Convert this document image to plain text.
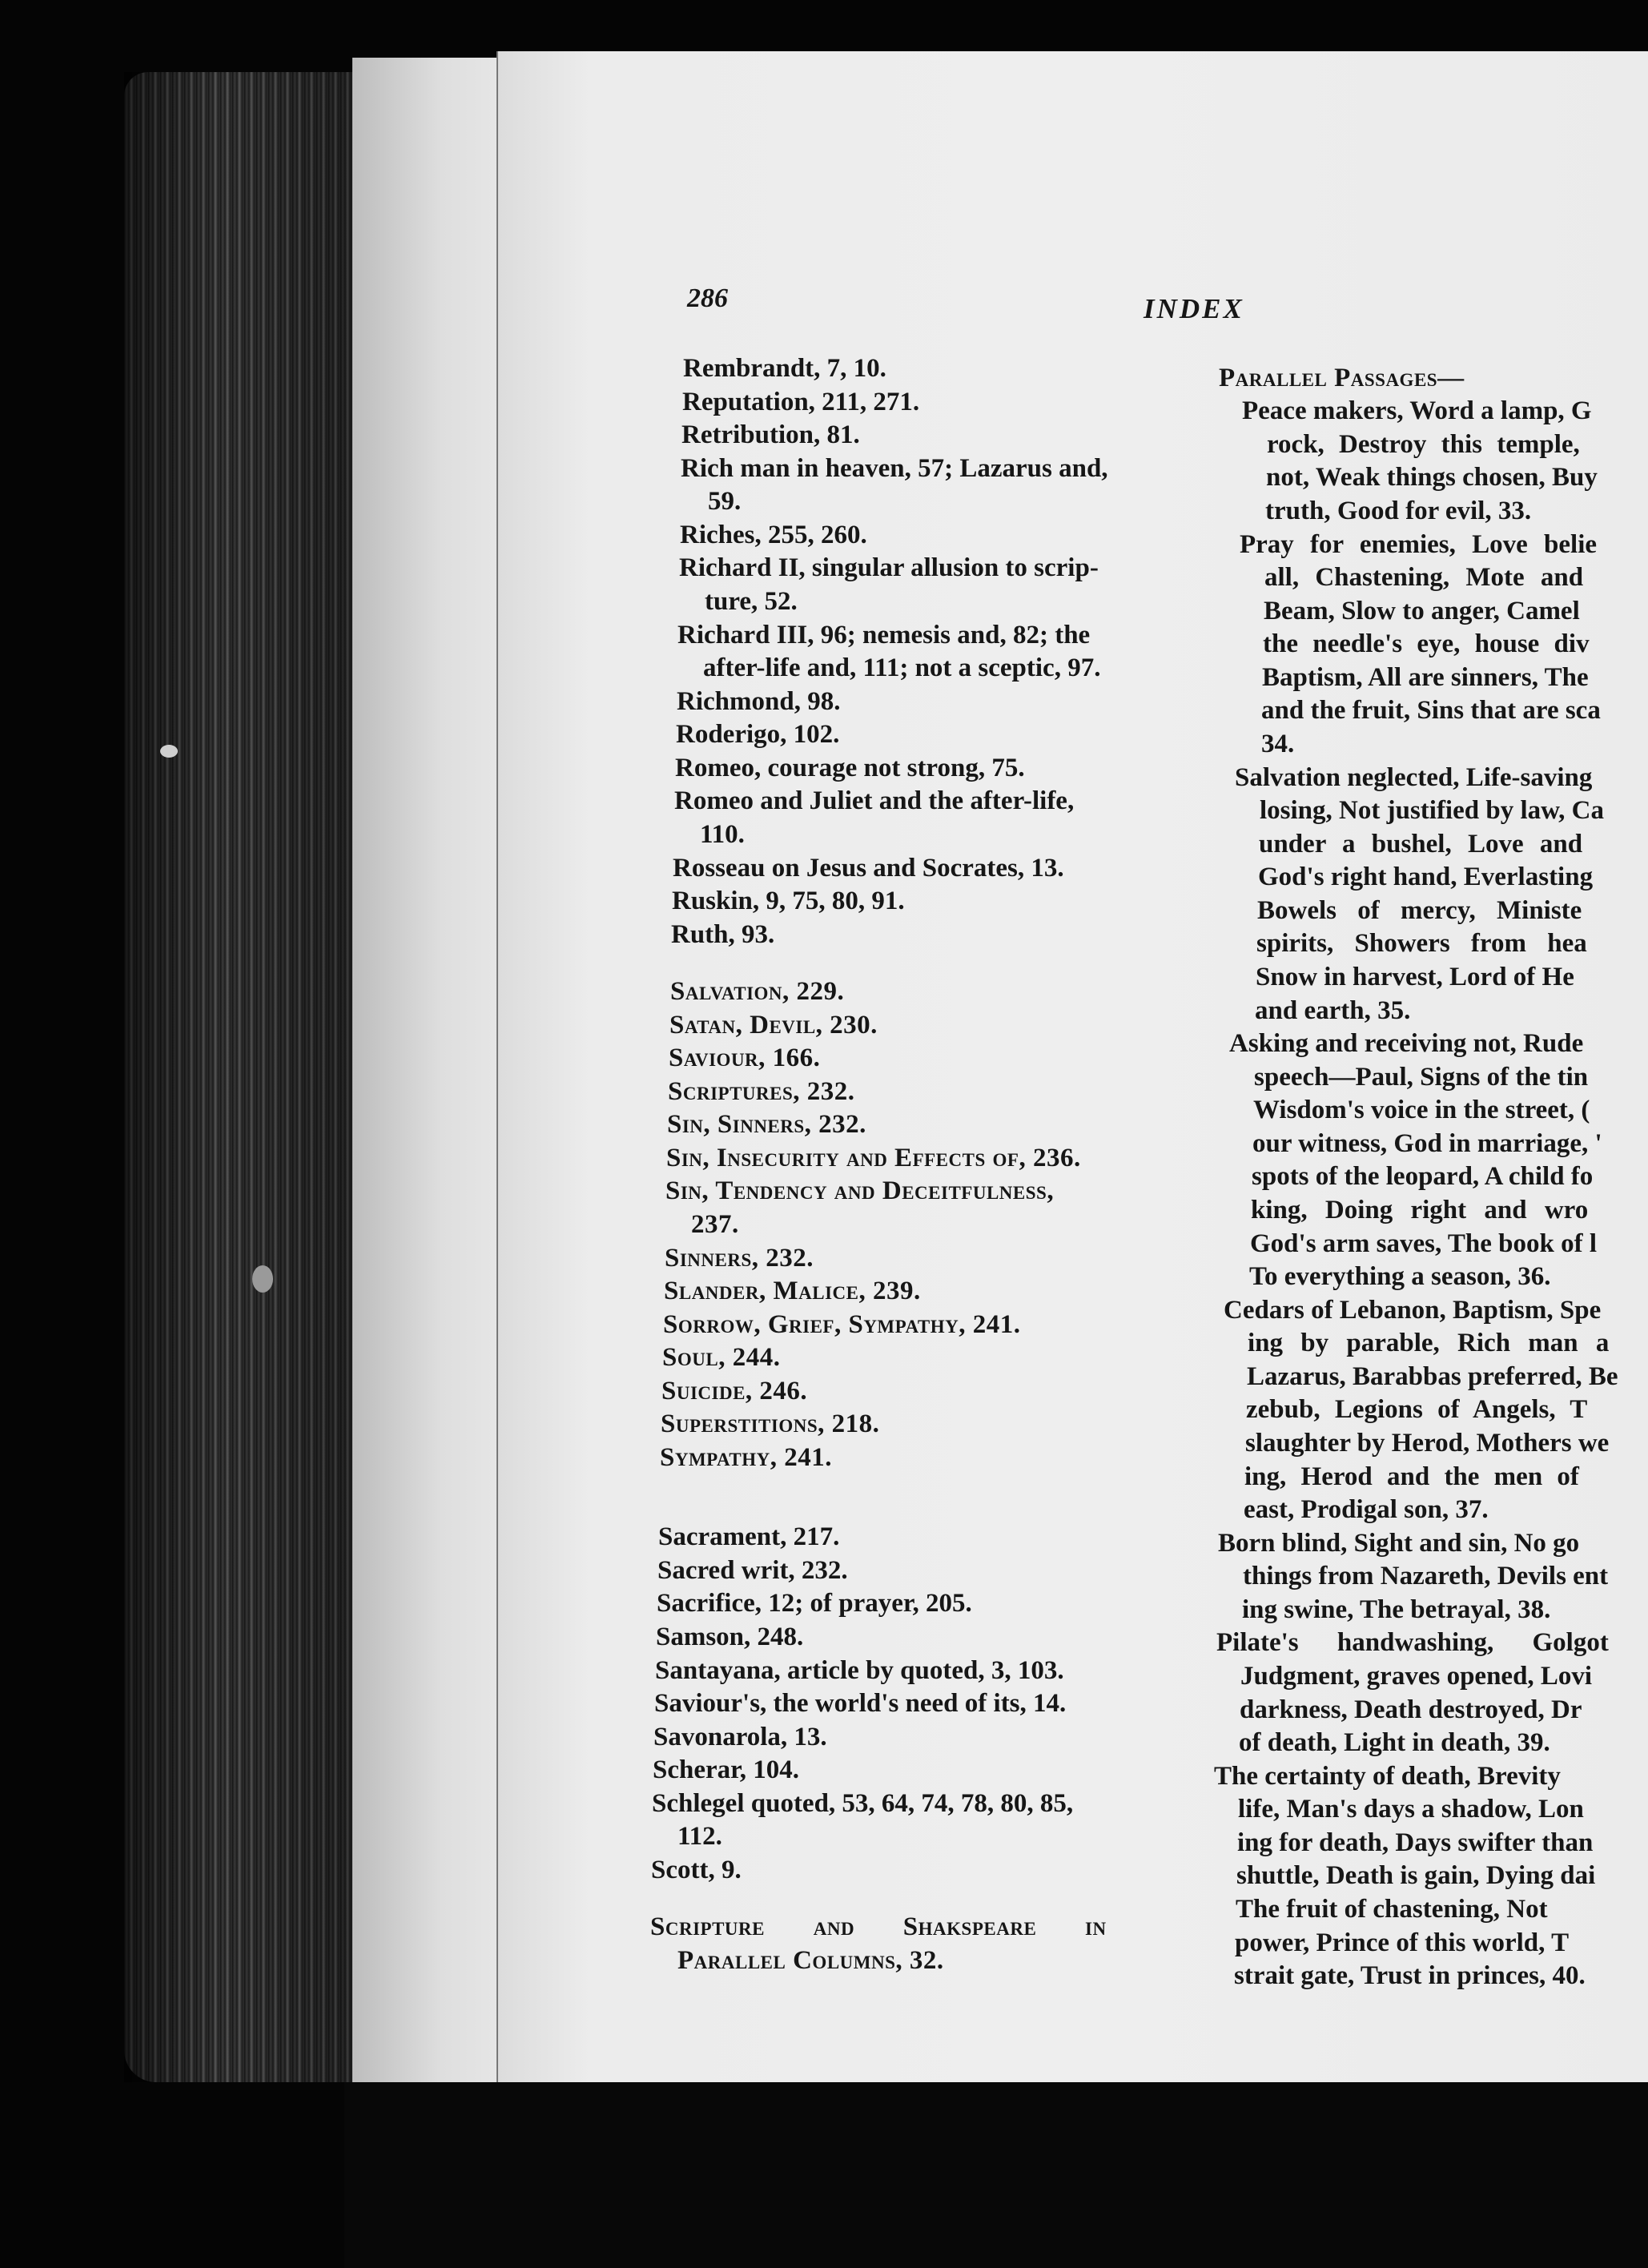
286	INDEX
Rembrandt, 7, 10.
Reputation, 211, 271.
Retribution, 81.
Rich man in heaven, 57; Lazarus and,
59.
Riches, 255, 260.
Richard II, singular allusion to scrip-
ture, 52.
Richard III, 96; nemesis and, 82; the
after-life and, 111; not a sceptic, 97.
Richmond, 98.
Roderigo, 102.
Romeo, courage not strong, 75.
Romeo and Juliet and the after-life,
110.
Rosseau on Jesus and Socrates, 13.
Ruskin, 9, 75, 80, 91.
Ruth, 93.
Salvation, 229.
Satan, Devil, 230.
Saviour, 166.
Scriptures, 232.
Sin, Sinners, 232.
Sin, Insecurity and Effects of, 236.
Sin, Tendency and Deceitfulness,
237.
Sinners, 232.
Slander, Malice, 239.
Sorrow, Grief, Sympathy, 241.
Soul, 244.
Suicide, 246.
Superstitions, 218.
Sympathy, 241.
Sacrament, 217.
Sacred writ, 232.
Sacrifice, 12; of prayer, 205.
Samson, 248.
Santayana, article by quoted, 3, 103.
Saviour's, the world's need of its, 14.
Savonarola, 13.
Scherar, 104.
Schlegel quoted, 53, 64, 74, 78, 80, 85,
112.
Scott, 9.
Scripture and Shakspeare in
Parallel Columns, 32.
Parallel Passages—
Peace makers, Word a lamp, G
rock, Destroy this temple,
not, Weak things chosen, Buy
truth, Good for evil, 33.
Pray for enemies, Love belie
all, Chastening, Mote and
Beam, Slow to anger, Camel
the needle's eye, house div
Baptism, All are sinners, The
and the fruit, Sins that are sca
34.
Salvation neglected, Life-saving
losing, Not justified by law, Ca
under a bushel, Love and
God's right hand, Everlasting
Bowels of mercy, Ministe
spirits, Showers from hea
Snow in harvest, Lord of He
and earth, 35.
Asking and receiving not, Rude
speech—Paul, Signs of the tin
Wisdom's voice in the street, (
our witness, God in marriage, '
spots of the leopard, A child fo
king, Doing right and wro
God's arm saves, The book of l
To everything a season, 36.
Cedars of Lebanon, Baptism, Spe
ing by parable, Rich man a
Lazarus, Barabbas preferred, Be
zebub, Legions of Angels, T
slaughter by Herod, Mothers we
ing, Herod and the men of
east, Prodigal son, 37.
Born blind, Sight and sin, No go
things from Nazareth, Devils ent
ing swine, The betrayal, 38.
Pilate's handwashing, Golgot
Judgment, graves opened, Lovi
darkness, Death destroyed, Dr
of death, Light in death, 39.
The certainty of death, Brevity
life, Man's days a shadow, Lon
ing for death, Days swifter than
shuttle, Death is gain, Dying dai
The fruit of chastening, Not
power, Prince of this world, T
strait gate, Trust in princes, 40.
